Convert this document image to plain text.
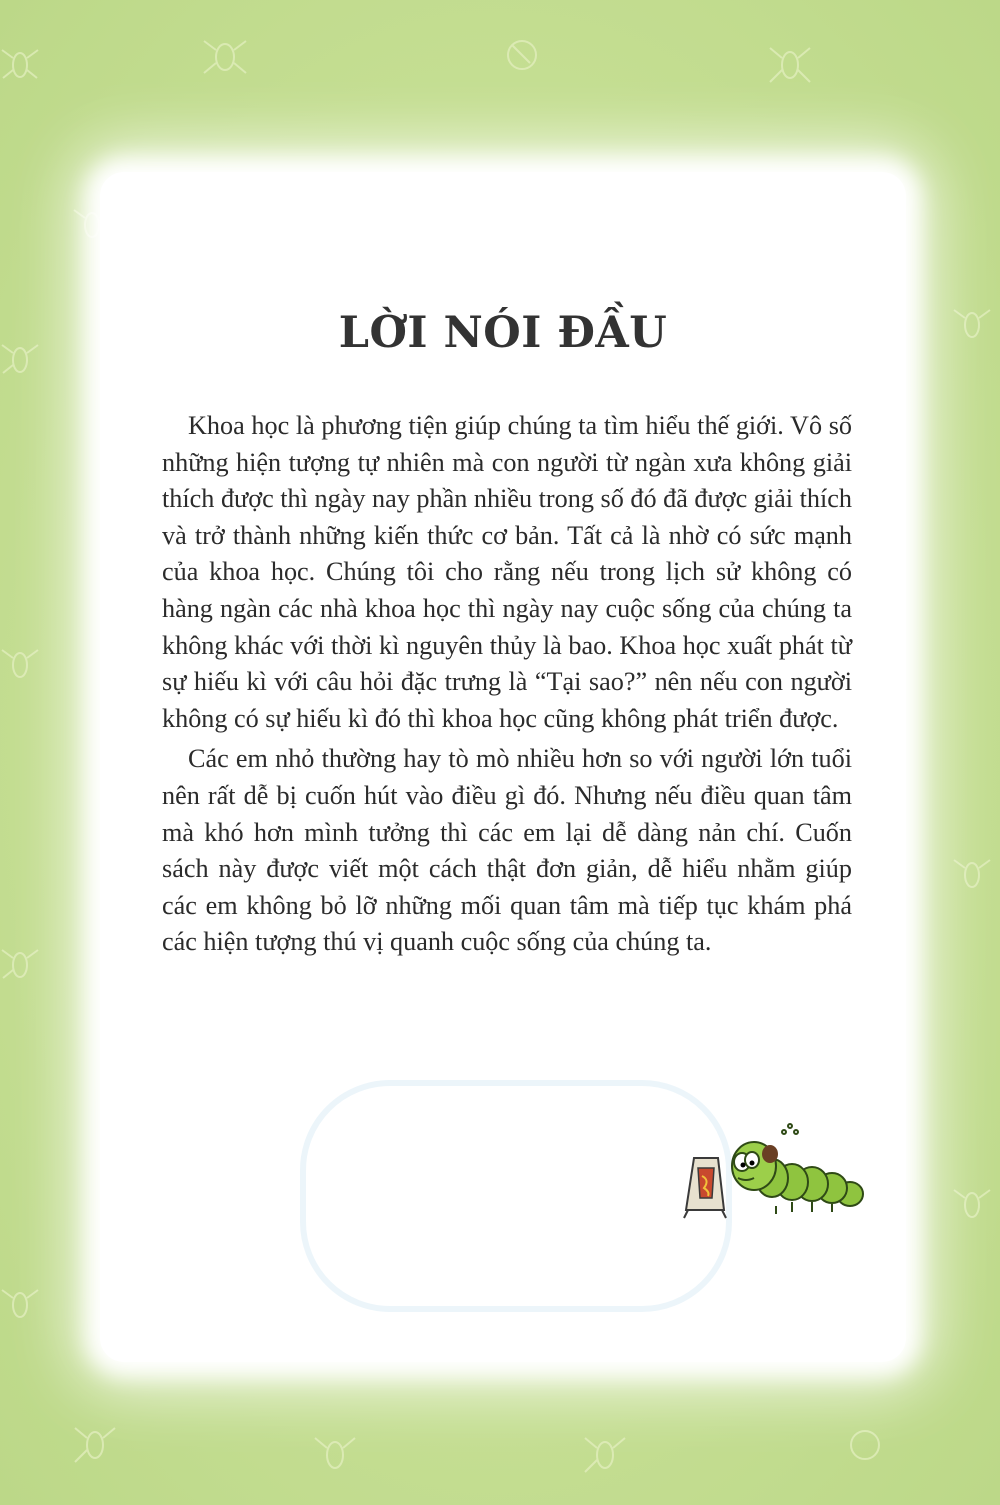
LỜI NÓI ĐẦU

Khoa học là phương tiện giúp chúng ta tìm hiểu thế giới. Vô số những hiện tượng tự nhiên mà con người từ ngàn xưa không giải thích được thì ngày nay phần nhiều trong số đó đã được giải thích và trở thành những kiến thức cơ bản. Tất cả là nhờ có sức mạnh của khoa học. Chúng tôi cho rằng nếu trong lịch sử không có hàng ngàn các nhà khoa học thì ngày nay cuộc sống của chúng ta không khác với thời kì nguyên thủy là bao. Khoa học xuất phát từ sự hiếu kì với câu hỏi đặc trưng là “Tại sao?” nên nếu con người không có sự hiếu kì đó thì khoa học cũng không phát triển được.

Các em nhỏ thường hay tò mò nhiều hơn so với người lớn tuổi nên rất dễ bị cuốn hút vào điều gì đó. Nhưng nếu điều quan tâm mà khó hơn mình tưởng thì các em lại dễ dàng nản chí. Cuốn sách này được viết một cách thật đơn giản, dễ hiểu nhằm giúp các em không bỏ lỡ những mối quan tâm mà tiếp tục khám phá các hiện tượng thú vị quanh cuộc sống của chúng ta.
